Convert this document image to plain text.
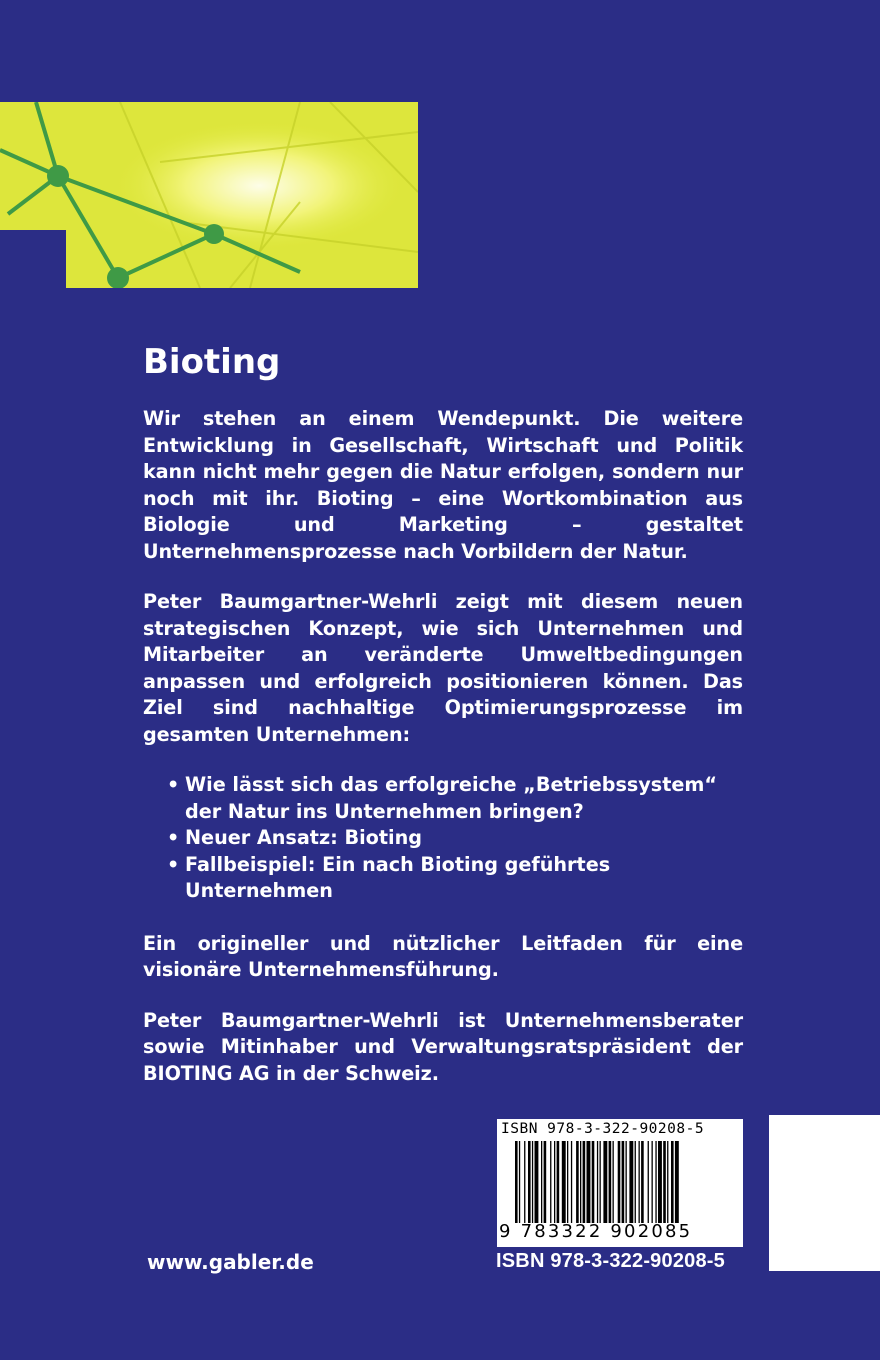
Bioting

Wir stehen an einem Wendepunkt. Die weitere Entwicklung in Gesellschaft, Wirtschaft und Politik kann nicht mehr gegen die Natur erfolgen, sondern nur noch mit ihr. Bioting – eine Wortkombination aus Biologie und Marketing – gestaltet Unternehmensprozesse nach Vorbildern der Natur.

Peter Baumgartner-Wehrli zeigt mit diesem neuen strategischen Konzept, wie sich Unternehmen und Mitarbeiter an veränderte Umweltbedingungen anpassen und erfolgreich positionieren können. Das Ziel sind nachhaltige Optimierungsprozesse im gesamten Unternehmen:

• Wie lässt sich das erfolgreiche „Betriebssystem“ der Natur ins Unternehmen bringen?
• Neuer Ansatz: Bioting
• Fallbeispiel: Ein nach Bioting geführtes Unternehmen

Ein origineller und nützlicher Leitfaden für eine visionäre Unternehmensführung.

Peter Baumgartner-Wehrli ist Unternehmensberater sowie Mitinhaber und Verwaltungsratspräsident der BIOTING AG in der Schweiz.

www.gabler.de
ISBN 978-3-322-90208-5
9 783322 902085
ISBN 978-3-322-90208-5
